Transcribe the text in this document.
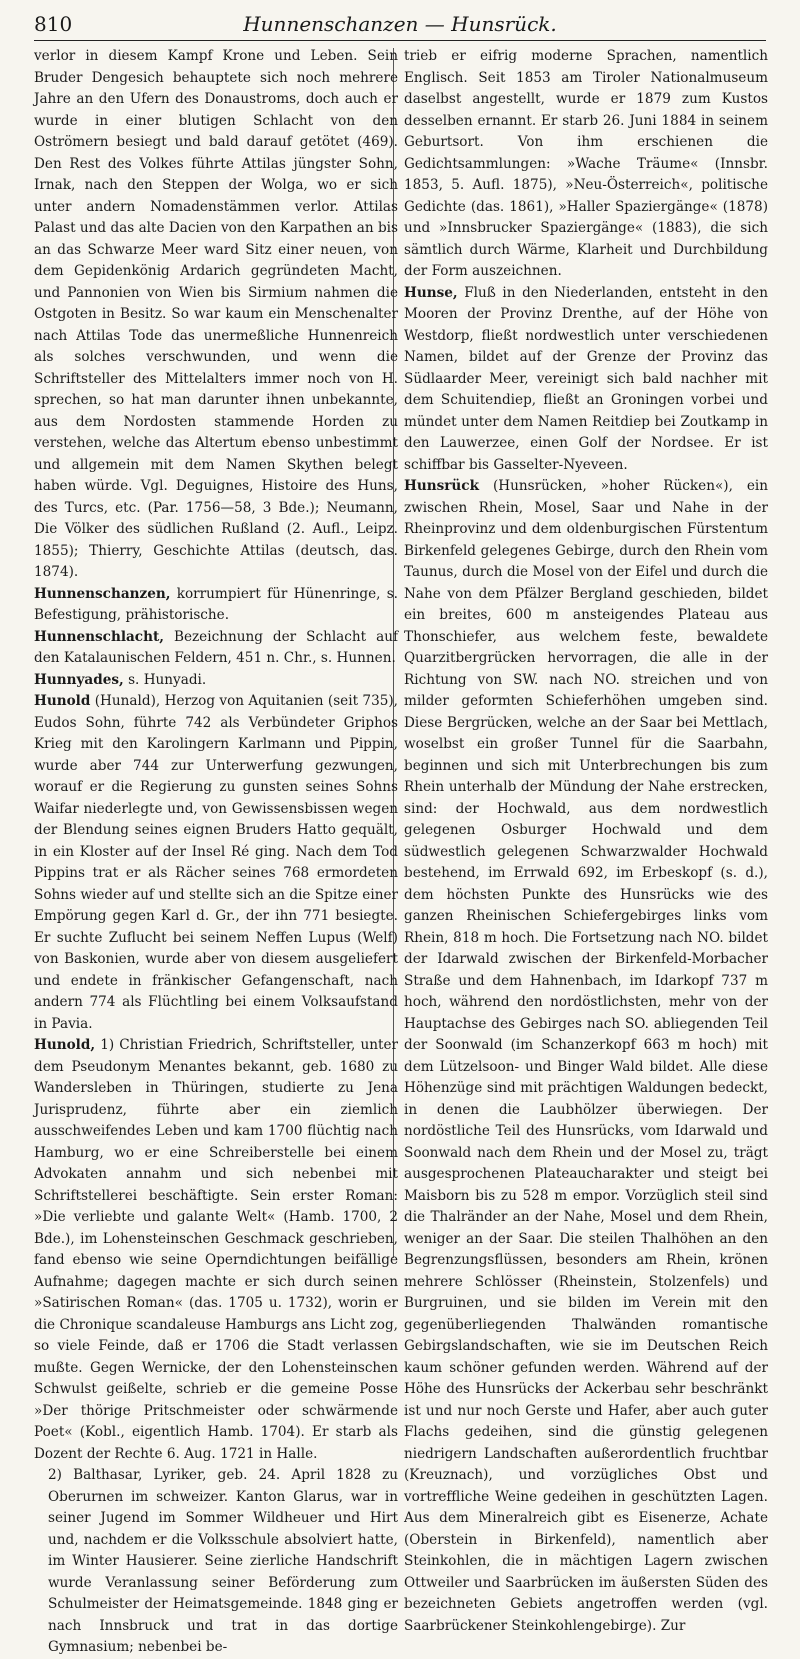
810	Hunnenschanzen — Hunsrück.

verlor in diesem Kampf Krone und Leben. Sein Bruder Dengesich behauptete sich noch mehrere Jahre an den Ufern des Donaustroms, doch auch er wurde in einer blutigen Schlacht von den Oströmern besiegt und bald darauf getötet (469). Den Rest des Volkes führte Attilas jüngster Sohn, Irnak, nach den Steppen der Wolga, wo er sich unter andern Nomadenstämmen verlor. Attilas Palast und das alte Dacien von den Karpathen an bis an das Schwarze Meer ward Sitz einer neuen, von dem Gepidenkönig Ardarich gegründeten Macht, und Pannonien von Wien bis Sirmium nahmen die Ostgoten in Besitz. So war kaum ein Menschenalter nach Attilas Tode das unermeßliche Hunnenreich als solches verschwunden, und wenn die Schriftsteller des Mittelalters immer noch von H. sprechen, so hat man darunter ihnen unbekannte, aus dem Nordosten stammende Horden zu verstehen, welche das Altertum ebenso unbestimmt und allgemein mit dem Namen Skythen belegt haben würde. Vgl. Deguignes, Histoire des Huns, des Turcs, etc. (Par. 1756—58, 3 Bde.); Neumann, Die Völker des südlichen Rußland (2. Aufl., Leipz. 1855); Thierry, Geschichte Attilas (deutsch, das. 1874).

Hunnenschanzen, korrumpiert für Hünenringe, s. Befestigung, prähistorische.

Hunnenschlacht, Bezeichnung der Schlacht auf den Katalaunischen Feldern, 451 n. Chr., s. Hunnen.

Hunnyades, s. Hunyadi.

Hunold (Hunald), Herzog von Aquitanien (seit 735), Eudos Sohn, führte 742 als Verbündeter Griphos Krieg mit den Karolingern Karlmann und Pippin, wurde aber 744 zur Unterwerfung gezwungen, worauf er die Regierung zu gunsten seines Sohns Waifar niederlegte und, von Gewissensbissen wegen der Blendung seines eignen Bruders Hatto gequält, in ein Kloster auf der Insel Ré ging. Nach dem Tod Pippins trat er als Rächer seines 768 ermordeten Sohns wieder auf und stellte sich an die Spitze einer Empörung gegen Karl d. Gr., der ihn 771 besiegte. Er suchte Zuflucht bei seinem Neffen Lupus (Welf) von Baskonien, wurde aber von diesem ausgeliefert und endete in fränkischer Gefangenschaft, nach andern 774 als Flüchtling bei einem Volksaufstand in Pavia.

Hunold, 1) Christian Friedrich, Schriftsteller, unter dem Pseudonym Menantes bekannt, geb. 1680 zu Wandersleben in Thüringen, studierte zu Jena Jurisprudenz, führte aber ein ziemlich ausschweifendes Leben und kam 1700 flüchtig nach Hamburg, wo er eine Schreiberstelle bei einem Advokaten annahm und sich nebenbei mit Schriftstellerei beschäftigte. Sein erster Roman: »Die verliebte und galante Welt« (Hamb. 1700, 2 Bde.), im Lohensteinschen Geschmack geschrieben, fand ebenso wie seine Operndichtungen beifällige Aufnahme; dagegen machte er sich durch seinen »Satirischen Roman« (das. 1705 u. 1732), worin er die Chronique scandaleuse Hamburgs ans Licht zog, so viele Feinde, daß er 1706 die Stadt verlassen mußte. Gegen Wernicke, der den Lohensteinschen Schwulst geißelte, schrieb er die gemeine Posse »Der thörige Pritschmeister oder schwärmende Poet« (Kobl., eigentlich Hamb. 1704). Er starb als Dozent der Rechte 6. Aug. 1721 in Halle.

2) Balthasar, Lyriker, geb. 24. April 1828 zu Oberurnen im schweizer. Kanton Glarus, war in seiner Jugend im Sommer Wildheuer und Hirt und, nachdem er die Volksschule absolviert hatte, im Winter Hausierer. Seine zierliche Handschrift wurde Veranlassung seiner Beförderung zum Schulmeister der Heimatsgemeinde. 1848 ging er nach Innsbruck und trat in das dortige Gymnasium; nebenbei be-

trieb er eifrig moderne Sprachen, namentlich Englisch. Seit 1853 am Tiroler Nationalmuseum daselbst angestellt, wurde er 1879 zum Kustos desselben ernannt. Er starb 26. Juni 1884 in seinem Geburtsort. Von ihm erschienen die Gedichtsammlungen: »Wache Träume« (Innsbr. 1853, 5. Aufl. 1875), »Neu-Österreich«, politische Gedichte (das. 1861), »Haller Spaziergänge« (1878) und »Innsbrucker Spaziergänge« (1883), die sich sämtlich durch Wärme, Klarheit und Durchbildung der Form auszeichnen.

Hunse, Fluß in den Niederlanden, entsteht in den Mooren der Provinz Drenthe, auf der Höhe von Westdorp, fließt nordwestlich unter verschiedenen Namen, bildet auf der Grenze der Provinz das Südlaarder Meer, vereinigt sich bald nachher mit dem Schuitendiep, fließt an Groningen vorbei und mündet unter dem Namen Reitdiep bei Zoutkamp in den Lauwerzee, einen Golf der Nordsee. Er ist schiffbar bis Gasselter-Nyeveen.

Hunsrück (Hunsrücken, »hoher Rücken«), ein zwischen Rhein, Mosel, Saar und Nahe in der Rheinprovinz und dem oldenburgischen Fürstentum Birkenfeld gelegenes Gebirge, durch den Rhein vom Taunus, durch die Mosel von der Eifel und durch die Nahe von dem Pfälzer Bergland geschieden, bildet ein breites, 600 m ansteigendes Plateau aus Thonschiefer, aus welchem feste, bewaldete Quarzitbergrücken hervorragen, die alle in der Richtung von SW. nach NO. streichen und von milder geformten Schieferhöhen umgeben sind. Diese Bergrücken, welche an der Saar bei Mettlach, woselbst ein großer Tunnel für die Saarbahn, beginnen und sich mit Unterbrechungen bis zum Rhein unterhalb der Mündung der Nahe erstrecken, sind: der Hochwald, aus dem nordwestlich gelegenen Osburger Hochwald und dem südwestlich gelegenen Schwarzwalder Hochwald bestehend, im Errwald 692, im Erbeskopf (s. d.), dem höchsten Punkte des Hunsrücks wie des ganzen Rheinischen Schiefergebirges links vom Rhein, 818 m hoch. Die Fortsetzung nach NO. bildet der Idarwald zwischen der Birkenfeld-Morbacher Straße und dem Hahnenbach, im Idarkopf 737 m hoch, während den nordöstlichsten, mehr von der Hauptachse des Gebirges nach SO. abliegenden Teil der Soonwald (im Schanzerkopf 663 m hoch) mit dem Lützelsoon- und Binger Wald bildet. Alle diese Höhenzüge sind mit prächtigen Waldungen bedeckt, in denen die Laubhölzer überwiegen. Der nordöstliche Teil des Hunsrücks, vom Idarwald und Soonwald nach dem Rhein und der Mosel zu, trägt ausgesprochenen Plateaucharakter und steigt bei Maisborn bis zu 528 m empor. Vorzüglich steil sind die Thalränder an der Nahe, Mosel und dem Rhein, weniger an der Saar. Die steilen Thalhöhen an den Begrenzungsflüssen, besonders am Rhein, krönen mehrere Schlösser (Rheinstein, Stolzenfels) und Burgruinen, und sie bilden im Verein mit den gegenüberliegenden Thalwänden romantische Gebirgslandschaften, wie sie im Deutschen Reich kaum schöner gefunden werden. Während auf der Höhe des Hunsrücks der Ackerbau sehr beschränkt ist und nur noch Gerste und Hafer, aber auch guter Flachs gedeihen, sind die günstig gelegenen niedrigern Landschaften außerordentlich fruchtbar (Kreuznach), und vorzügliches Obst und vortreffliche Weine gedeihen in geschützten Lagen. Aus dem Mineralreich gibt es Eisenerze, Achate (Oberstein in Birkenfeld), namentlich aber Steinkohlen, die in mächtigen Lagern zwischen Ottweiler und Saarbrücken im äußersten Süden des bezeichneten Gebiets angetroffen werden (vgl. Saarbrückener Steinkohlengebirge). Zur
